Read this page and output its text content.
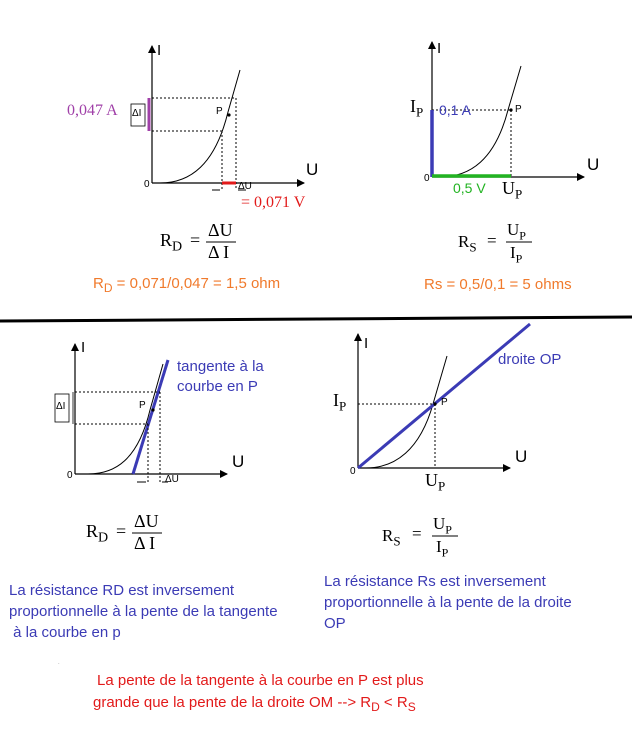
I
U
0
P
ΔI
0,047 A
ΔU
= 0,071 V
$R_D = \Delta U$
Δ I
$R_D = 0,071/0,047 = 1,5$ ohm
I
U
0
P
$I_P$ 0,1 A
0,5 V $U_P$
$R_S$ =
$U_P$
$I_P$
Rs = 0,5/0,1 = 5 ohms
I
U
0
P
ΔI
ΔU
tangente à la
courbe en P
$R_D = \Delta U$
Δ I
La résistance RD est inversement
proportionnelle à la pente de la tangente
à la courbe en p
I
U
0
P
droite OP
$I_P$
$U_P$
$R_S$ =
$U_P$
$I_P$
La résistance Rs est inversement
proportionnelle à la pente de la droite
OP
La pente de la tangente à la courbe en P est plus
grande que la pente de la droite OM --> $R_D < R_S$
.
